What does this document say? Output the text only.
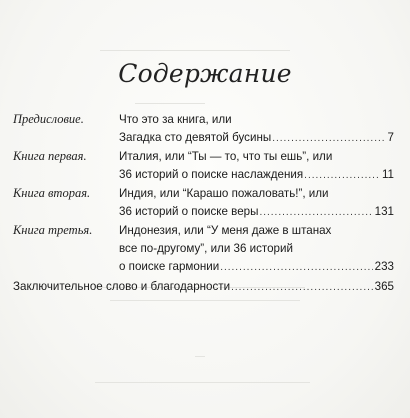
Содержание
Предисловие.	Что это за книга, или
Загадка сто девятой бусины .....	7
Книга первая.	Италия, или “Ты — то, что ты ешь”, или
36 историй о поиске наслаждения .....	11
Книга вторая. Индия, или “Карашо пожаловать!”, или
36 историй о поиске веры .....	131
Книга третья. Индонезия, или “У меня даже в штанах
все по-другому”, или 36 историй
о поиске гармонии .....	233
Заключительное слово и благодарности .....	365
